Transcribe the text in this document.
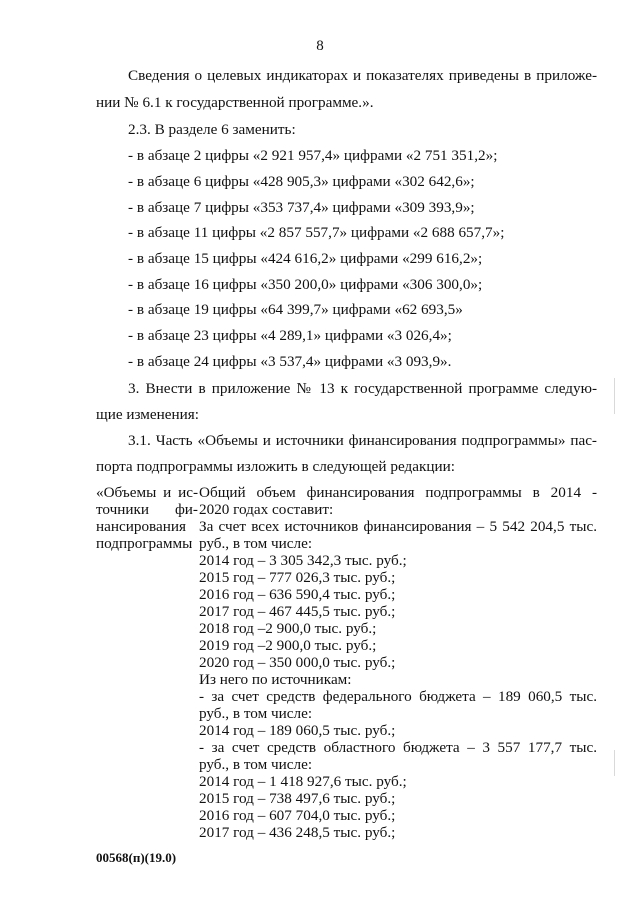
8
Сведения о целевых индикаторах и показателях приведены в приложе-
нии № 6.1 к государственной программе.».
2.3. В разделе 6 заменить:
- в абзаце 2 цифры «2 921 957,4» цифрами «2 751 351,2»;
- в абзаце 6 цифры «428 905,3» цифрами «302 642,6»;
- в абзаце 7 цифры «353 737,4» цифрами «309 393,9»;
- в абзаце 11 цифры «2 857 557,7» цифрами «2 688 657,7»;
- в абзаце 15 цифры «424 616,2» цифрами «299 616,2»;
- в абзаце 16 цифры «350 200,0» цифрами «306 300,0»;
- в абзаце 19 цифры «64 399,7» цифрами «62 693,5»
- в абзаце 23 цифры «4 289,1» цифрами «3 026,4»;
- в абзаце 24 цифры «3 537,4» цифрами «3 093,9».
3. Внести в приложение № 13 к государственной программе следую-
щие изменения:
3.1. Часть «Объемы и источники финансирования подпрограммы» пас-
порта подпрограммы изложить в следующей редакции:
«Объемы и ис-
точники фи-
нансирования
подпрограммы
Общий объем финансирования подпрограммы в 2014 -
2020 годах составит:
За счет всех источников финансирования – 5 542 204,5 тыс.
руб., в том числе:
2014 год – 3 305 342,3 тыс. руб.;
2015 год – 777 026,3 тыс. руб.;
2016 год – 636 590,4 тыс. руб.;
2017 год – 467 445,5 тыс. руб.;
2018 год –2 900,0 тыс. руб.;
2019 год –2 900,0 тыс. руб.;
2020 год – 350 000,0 тыс. руб.;
Из него по источникам:
- за счет средств федерального бюджета – 189 060,5 тыс.
руб., в том числе:
2014 год – 189 060,5 тыс. руб.;
- за счет средств областного бюджета – 3 557 177,7 тыс.
руб., в том числе:
2014 год – 1 418 927,6 тыс. руб.;
2015 год – 738 497,6 тыс. руб.;
2016 год – 607 704,0 тыс. руб.;
2017 год – 436 248,5 тыс. руб.;
00568(п)(19.0)
